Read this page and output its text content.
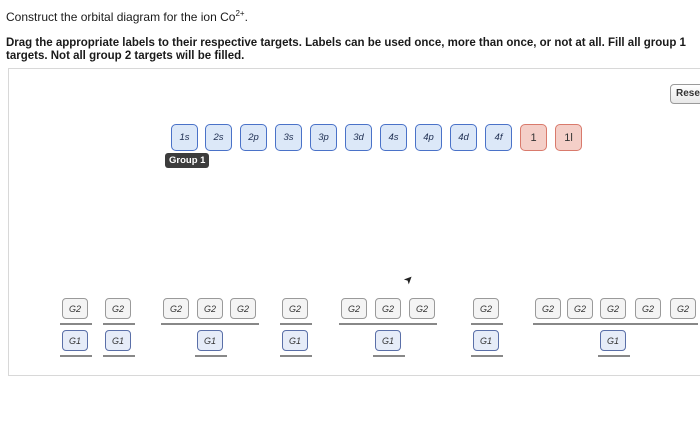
Construct the orbital diagram for the ion $Co^{2+}$.
Drag the appropriate labels to their respective targets. Labels can be used once, more than once, or not at all. Fill all group 1 targets. Not all group 2 targets will be filled.
Rese
1s	2s	2p	3s	3p	3d	4s	4p	4d	4f	1	1l
Group 1
G2	G2	G2	G2	G2	G2	G2	G2	G2	G2	G2	G2	G2	G2	G2
G1	G1	G1	G1	G1	G1	G1
➤
